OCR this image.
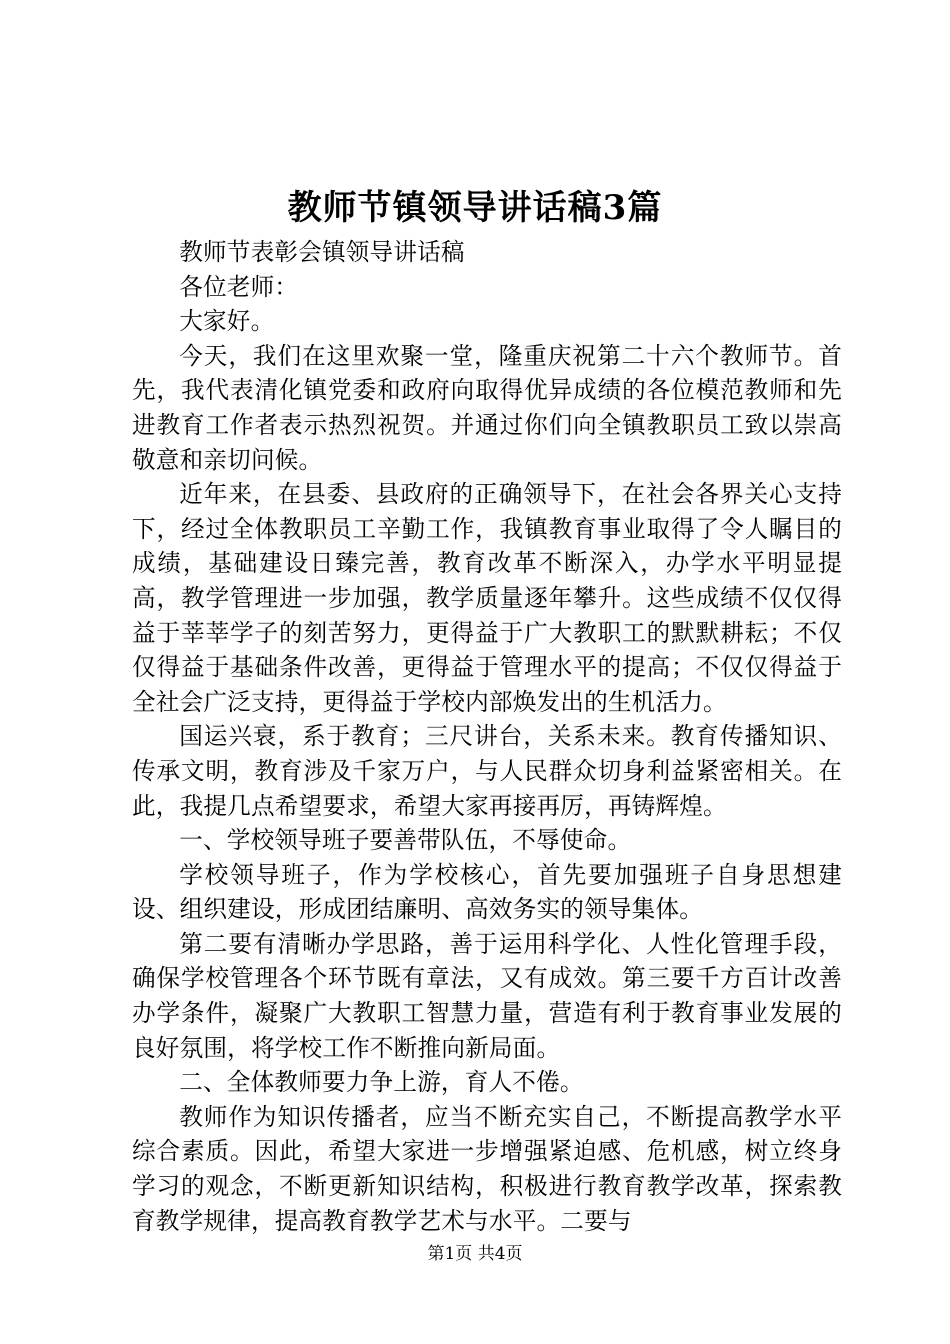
教师节镇领导讲话稿3篇

教师节表彰会镇领导讲话稿

各位老师：

大家好。

今天，我们在这里欢聚一堂，隆重庆祝第二十六个教师节。首先，我代表清化镇党委和政府向取得优异成绩的各位模范教师和先进教育工作者表示热烈祝贺。并通过你们向全镇教职员工致以崇高敬意和亲切问候。

近年来，在县委、县政府的正确领导下，在社会各界关心支持下，经过全体教职员工辛勤工作，我镇教育事业取得了令人瞩目的成绩，基础建设日臻完善，教育改革不断深入，办学水平明显提高，教学管理进一步加强，教学质量逐年攀升。这些成绩不仅仅得益于莘莘学子的刻苦努力，更得益于广大教职工的默默耕耘；不仅仅得益于基础条件改善，更得益于管理水平的提高；不仅仅得益于全社会广泛支持，更得益于学校内部焕发出的生机活力。

国运兴衰，系于教育；三尺讲台，关系未来。教育传播知识、传承文明，教育涉及千家万户，与人民群众切身利益紧密相关。在此，我提几点希望要求，希望大家再接再厉，再铸辉煌。

一、学校领导班子要善带队伍，不辱使命。

学校领导班子，作为学校核心，首先要加强班子自身思想建设、组织建设，形成团结廉明、高效务实的领导集体。

第二要有清晰办学思路，善于运用科学化、人性化管理手段，确保学校管理各个环节既有章法，又有成效。第三要千方百计改善办学条件，凝聚广大教职工智慧力量，营造有利于教育事业发展的良好氛围，将学校工作不断推向新局面。

二、全体教师要力争上游，育人不倦。

教师作为知识传播者，应当不断充实自己，不断提高教学水平综合素质。因此，希望大家进一步增强紧迫感、危机感，树立终身学习的观念，不断更新知识结构，积极进行教育教学改革，探索教育教学规律，提高教育教学艺术与水平。二要与

第1页 共4页
